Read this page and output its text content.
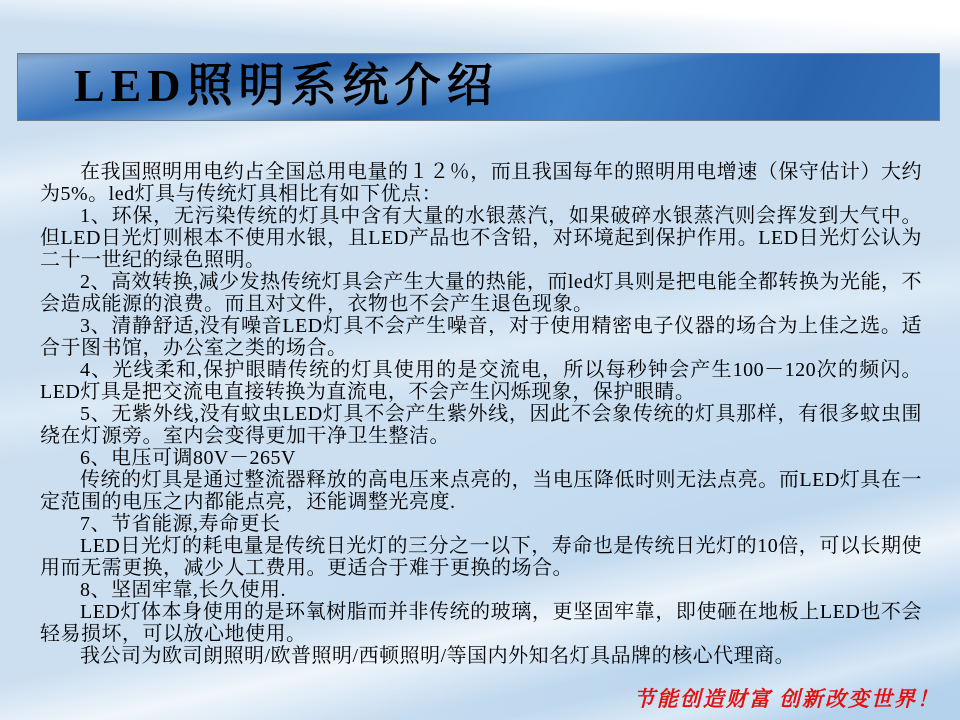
LED照明系统介绍

在我国照明用电约占全国总用电量的１２％，而且我国每年的照明用电增速（保守估计）大约为5%。led灯具与传统灯具相比有如下优点：

1、环保，无污染传统的灯具中含有大量的水银蒸汽，如果破碎水银蒸汽则会挥发到大气中。但LED日光灯则根本不使用水银，且LED产品也不含铅，对环境起到保护作用。LED日光灯公认为二十一世纪的绿色照明。

2、高效转换,减少发热传统灯具会产生大量的热能，而led灯具则是把电能全都转换为光能，不会造成能源的浪费。而且对文件，衣物也不会产生退色现象。

3、清静舒适,没有噪音LED灯具不会产生噪音，对于使用精密电子仪器的场合为上佳之选。适合于图书馆，办公室之类的场合。

4、光线柔和,保护眼睛传统的灯具使用的是交流电，所以每秒钟会产生100－120次的频闪。LED灯具是把交流电直接转换为直流电，不会产生闪烁现象，保护眼睛。

5、无紫外线,没有蚊虫LED灯具不会产生紫外线，因此不会象传统的灯具那样，有很多蚊虫围绕在灯源旁。室内会变得更加干净卫生整洁。

6、电压可调80V－265V

传统的灯具是通过整流器释放的高电压来点亮的，当电压降低时则无法点亮。而LED灯具在一定范围的电压之内都能点亮，还能调整光亮度.

7、节省能源,寿命更长

LED日光灯的耗电量是传统日光灯的三分之一以下，寿命也是传统日光灯的10倍，可以长期使用而无需更换，减少人工费用。更适合于难于更换的场合。

8、坚固牢靠,长久使用.

LED灯体本身使用的是环氧树脂而并非传统的玻璃，更坚固牢靠，即使砸在地板上LED也不会轻易损坏，可以放心地使用。

我公司为欧司朗照明/欧普照明/西顿照明/等国内外知名灯具品牌的核心代理商。

节能创造财富 创新改变世界！
